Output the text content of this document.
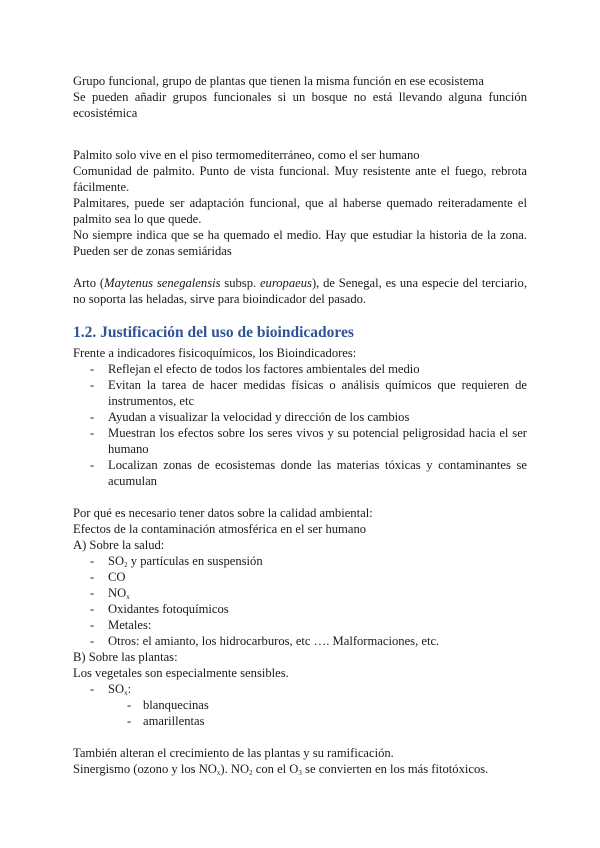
Grupo funcional, grupo de plantas que tienen la misma función en ese ecosistema

Se pueden añadir grupos funcionales si un bosque no está llevando alguna función ecosistémica

Palmito solo vive en el piso termomediterráneo, como el ser humano

Comunidad de palmito. Punto de vista funcional. Muy resistente ante el fuego, rebrota fácilmente.

Palmitares, puede ser adaptación funcional, que al haberse quemado reiteradamente el palmito sea lo que quede.

No siempre indica que se ha quemado el medio. Hay que estudiar la historia de la zona. Pueden ser de zonas semiáridas

Arto (Maytenus senegalensis subsp. europaeus), de Senegal, es una especie del terciario, no soporta las heladas, sirve para bioindicador del pasado.

1.2. Justificación del uso de bioindicadores

Frente a indicadores fisicoquímicos, los Bioindicadores:

- Reflejan el efecto de todos los factores ambientales del medio
- Evitan la tarea de hacer medidas físicas o análisis químicos que requieren de instrumentos, etc
- Ayudan a visualizar la velocidad y dirección de los cambios
- Muestran los efectos sobre los seres vivos y su potencial peligrosidad hacia el ser humano
- Localizan zonas de ecosistemas donde las materias tóxicas y contaminantes se acumulan

Por qué es necesario tener datos sobre la calidad ambiental:

Efectos de la contaminación atmosférica en el ser humano

A) Sobre la salud:

- $SO_2$ y partículas en suspensión
- CO
- $NO_x$
- Oxidantes fotoquímicos
- Metales:
- Otros: el amianto, los hidrocarburos, etc …. Malformaciones, etc.

B) Sobre las plantas:

Los vegetales son especialmente sensibles.

- $SO_x$:
- blanquecinas
- amarillentas

También alteran el crecimiento de las plantas y su ramificación.

Sinergismo (ozono y los $NO_x$). $NO_2$ con el $O_3$ se convierten en los más fitotóxicos.
